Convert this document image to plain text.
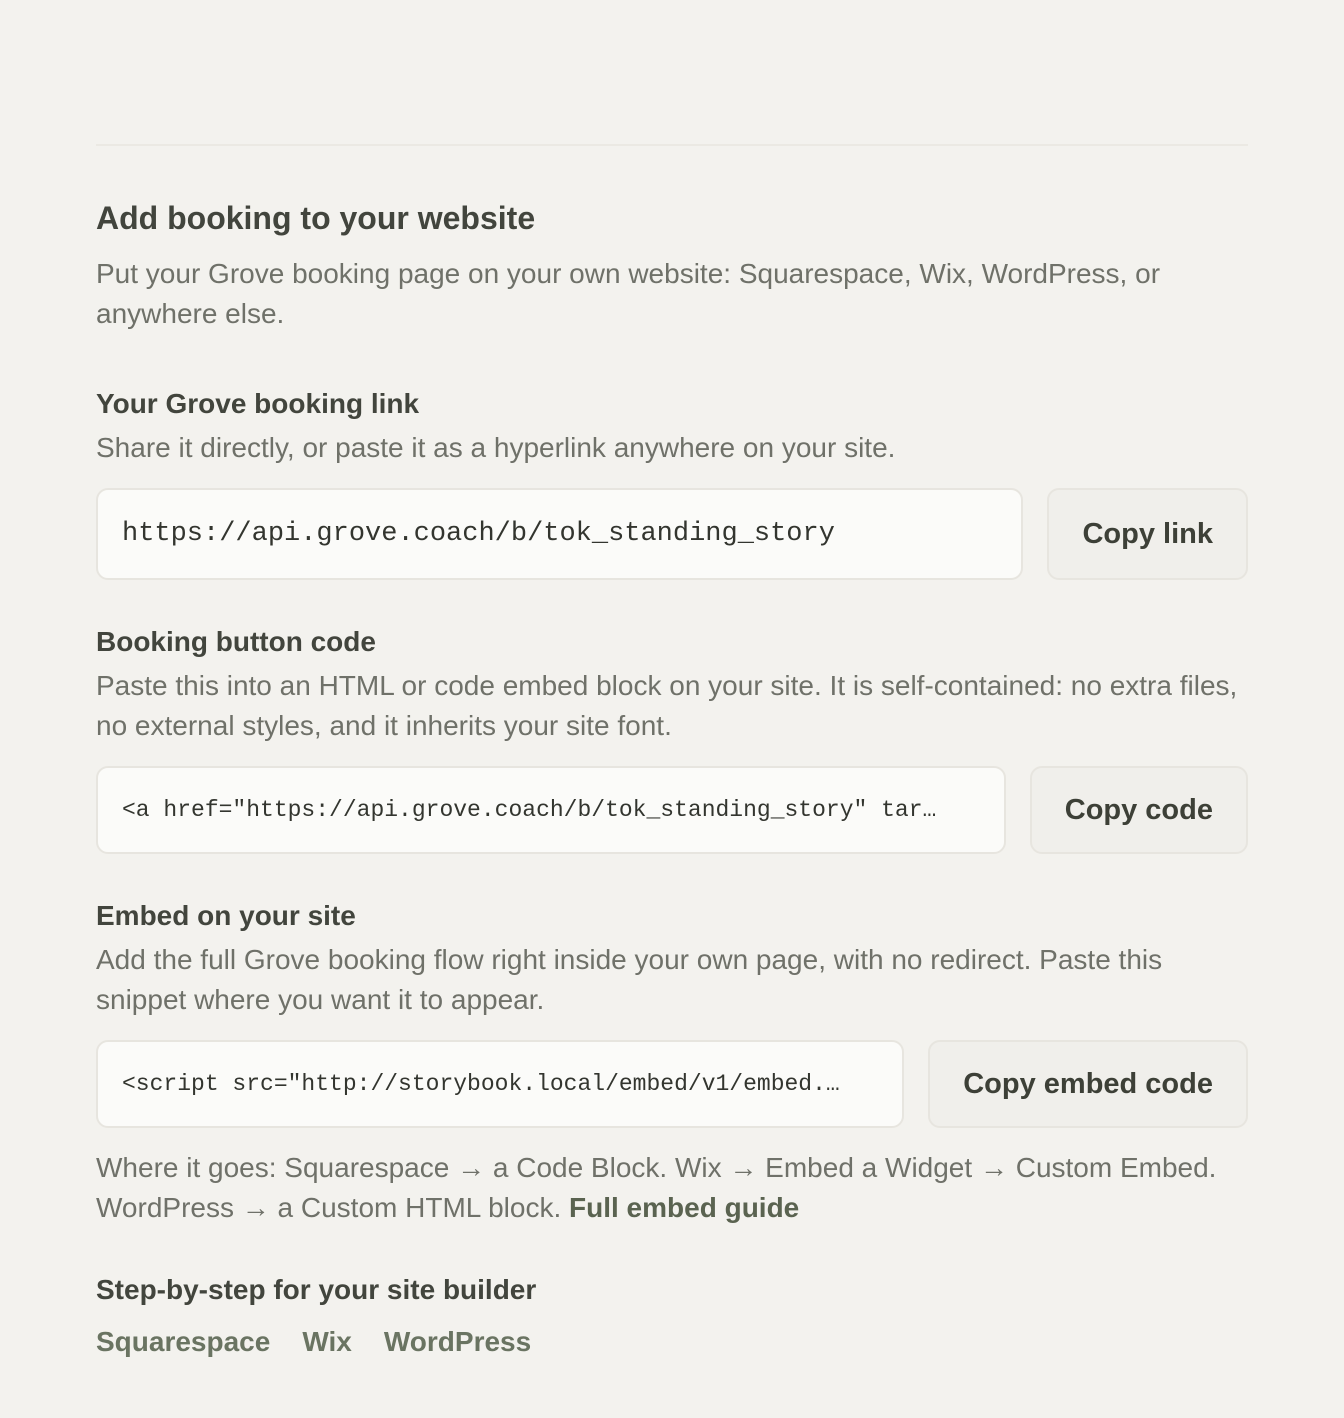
Add booking to your website

Put your Grove booking page on your own website: Squarespace, Wix, WordPress, or anywhere else.

Your Grove booking link

Share it directly, or paste it as a hyperlink anywhere on your site.

https://api.grove.coach/b/tok_standing_story	Copy link
Booking button code

Paste this into an HTML or code embed block on your site. It is self-contained: no extra files, no external styles, and it inherits your site font.

<a href="https://api.grove.coach/b/tok_standing_story" tar…	Copy code
Embed on your site

Add the full Grove booking flow right inside your own page, with no redirect. Paste this snippet where you want it to appear.

<script src="http://storybook.local/embed/v1/embed.…	Copy embed code

Where it goes: Squarespace → a Code Block. Wix → Embed a Widget → Custom Embed. WordPress → a Custom HTML block. Full embed guide

Step-by-step for your site builder
Squarespace Wix WordPress
